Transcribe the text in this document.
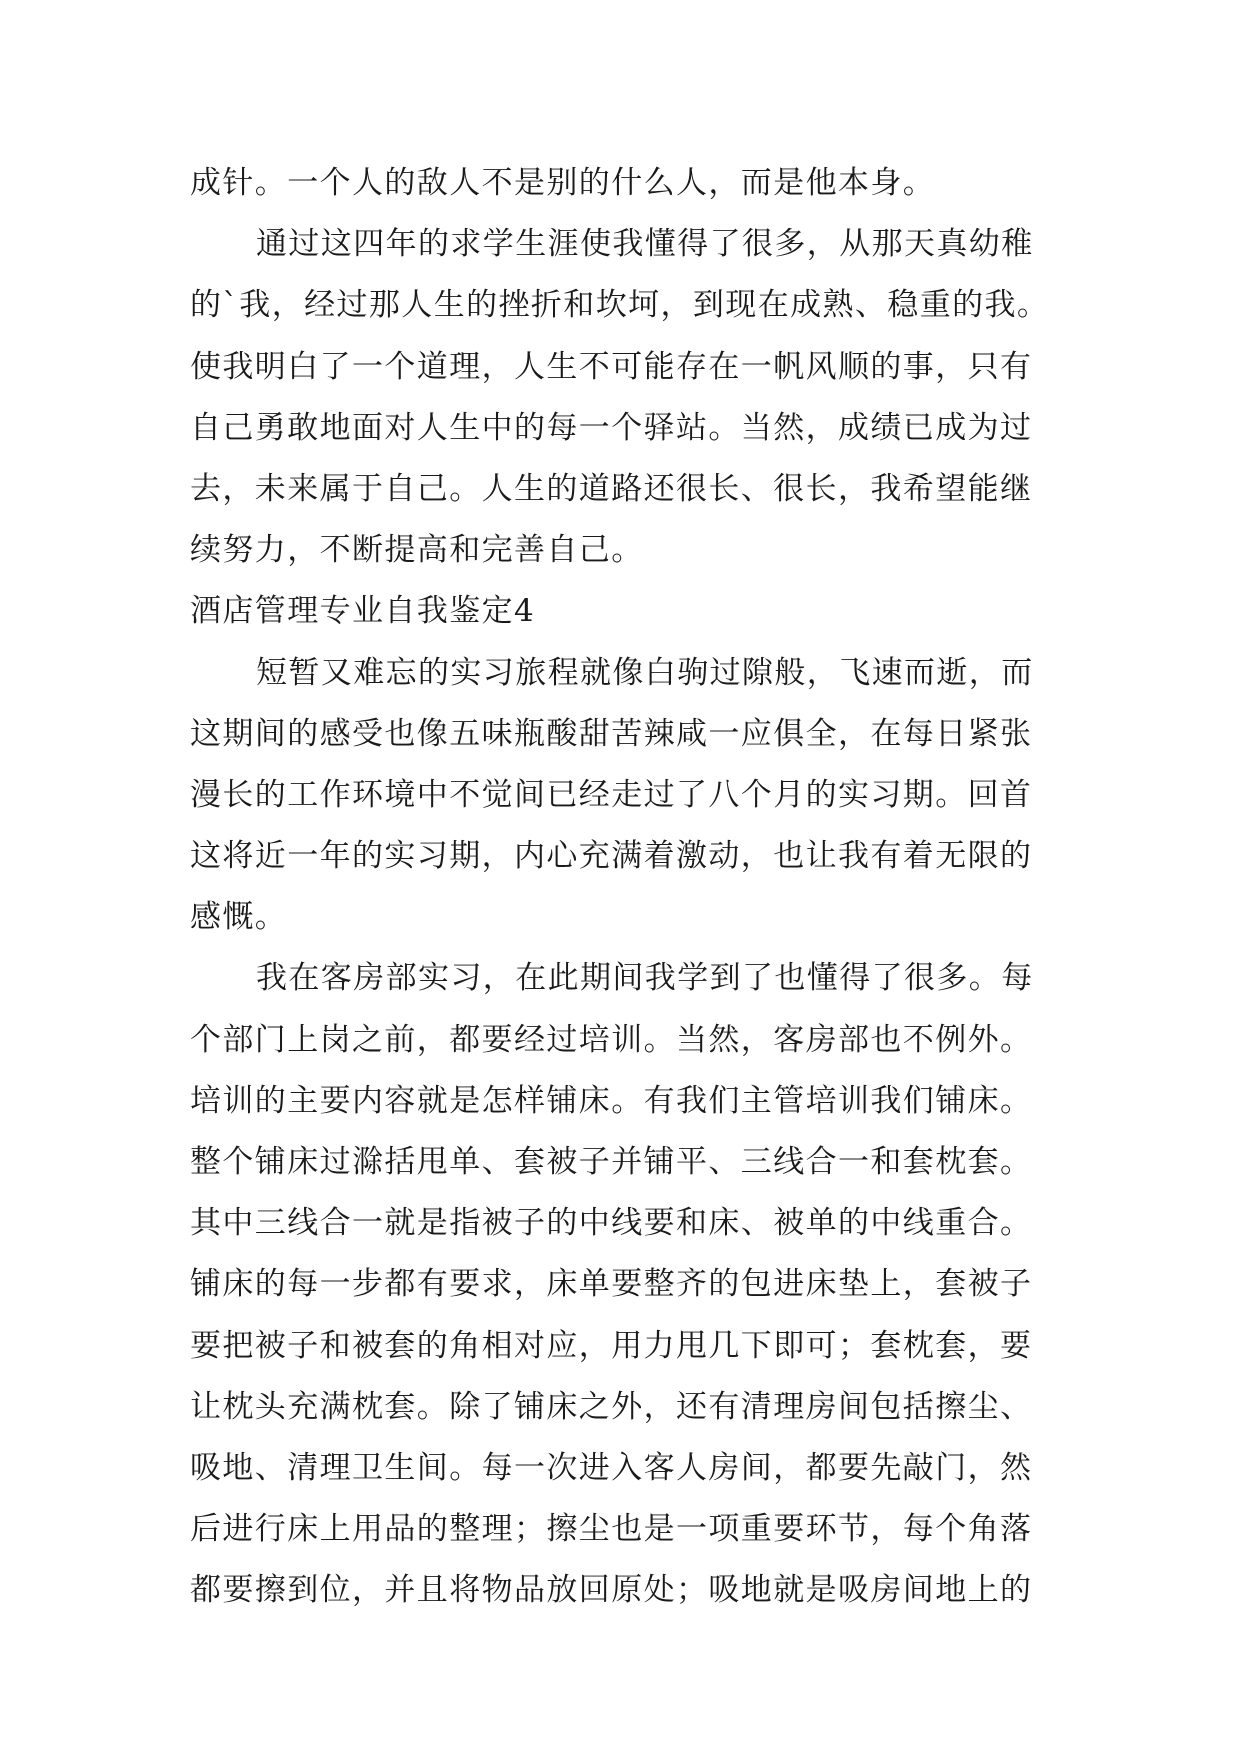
成针。一个人的敌人不是别的什么人，而是他本身。
通过这四年的求学生涯使我懂得了很多，从那天真幼稚
的`我，经过那人生的挫折和坎坷，到现在成熟、稳重的我。
使我明白了一个道理，人生不可能存在一帆风顺的事，只有
自己勇敢地面对人生中的每一个驿站。当然，成绩已成为过
去，未来属于自己。人生的道路还很长、很长，我希望能继
续努力，不断提高和完善自己。
酒店管理专业自我鉴定4
短暂又难忘的实习旅程就像白驹过隙般，飞速而逝，而
这期间的感受也像五味瓶酸甜苦辣咸一应俱全，在每日紧张
漫长的工作环境中不觉间已经走过了八个月的实习期。回首
这将近一年的实习期，内心充满着激动，也让我有着无限的
感慨。
我在客房部实习，在此期间我学到了也懂得了很多。每
个部门上岗之前，都要经过培训。当然，客房部也不例外。
培训的主要内容就是怎样铺床。有我们主管培训我们铺床。
整个铺床过滁括甩单、套被子并铺平、三线合一和套枕套。
其中三线合一就是指被子的中线要和床、被单的中线重合。
铺床的每一步都有要求，床单要整齐的包进床垫上，套被子
要把被子和被套的角相对应，用力甩几下即可；套枕套，要
让枕头充满枕套。除了铺床之外，还有清理房间包括擦尘、
吸地、清理卫生间。每一次进入客人房间，都要先敲门，然
后进行床上用品的整理；擦尘也是一项重要环节，每个角落
都要擦到位，并且将物品放回原处；吸地就是吸房间地上的
